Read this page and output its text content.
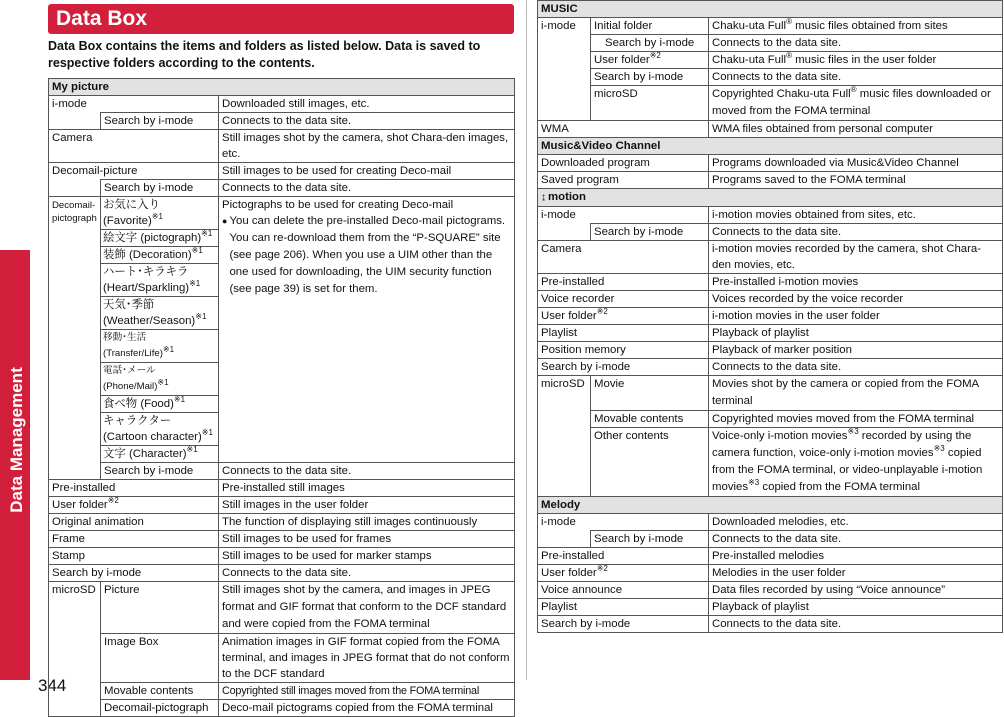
Data Management
344
Data Box
Data Box contains the items and folders as listed below. Data is saved to respective folders according to the contents.
My picture		
i-mode		Downloaded still images, etc.
	Search by i-mode	Connects to the data site.
Camera		Still images shot by the camera, shot Chara-den images, etc.
Decomail-picture		Still images to be used for creating Deco-mail
	Search by i-mode	Connects to the data site.
Decomail-pictograph	お気に入り (Favorite)$^{※1}$	Pictographs to be used for creating Deco-mail
● You can delete the pre-installed Deco-mail pictograms. You can re-download them from the “P-SQUARE” site (see page 206). When you use a UIM other than the one used for downloading, the UIM security function (see page 39) is set for them.

	絵文字 (pictograph)$^{※1}$
	装飾 (Decoration)$^{※1}$
	ハート･キラキラ (Heart/Sparkling)$^{※1}$
	天気･季節 (Weather/Season)$^{※1}$
	移動･生活 (Transfer/Life)$^{※1}$
	電話･メール (Phone/Mail)$^{※1}$
	食べ物 (Food)$^{※1}$
	キャラクター (Cartoon character)$^{※1}$
	文字 (Character)$^{※1}$
	Search by i-mode	Connects to the data site.
Pre-installed		Pre-installed still images
User folder$^{※2}$		Still images in the user folder
Original animation		The function of displaying still images continuously
Frame		Still images to be used for frames
Stamp		Still images to be used for marker stamps
Search by i-mode		Connects to the data site.
microSD	Picture	Still images shot by the camera, and images in JPEG format and GIF format that conform to the DCF standard and were copied from the FOMA terminal
	Image Box	Animation images in GIF format copied from the FOMA terminal, and images in JPEG format that do not conform to the DCF standard
	Movable contents	Copyrighted still images moved from the FOMA terminal
	Decomail-pictograph	Deco-mail pictograms copied from the FOMA terminal
MUSIC		
i-mode	Initial folder	Chaku-uta Full® music files obtained from sites
	Search by i-mode	Connects to the data site.
	User folder$^{※2}$	Chaku-uta Full® music files in the user folder
	Search by i-mode	Connects to the data site.
	microSD	Copyrighted Chaku-uta Full® music files downloaded or moved from the FOMA terminal
WMA		WMA files obtained from personal computer
Music&Video Channel		
Downloaded program		Programs downloaded via Music&Video Channel
Saved program		Programs saved to the FOMA terminal
↨ motion		
i-mode		i-motion movies obtained from sites, etc.
	Search by i-mode	Connects to the data site.
Camera		i-motion movies recorded by the camera, shot Chara-den movies, etc.
Pre-installed		Pre-installed i-motion movies
Voice recorder		Voices recorded by the voice recorder
User folder$^{※2}$		i-motion movies in the user folder
Playlist		Playback of playlist
Position memory		Playback of marker position
Search by i-mode		Connects to the data site.
microSD	Movie	Movies shot by the camera or copied from the FOMA terminal
	Movable contents	Copyrighted movies moved from the FOMA terminal
	Other contents	Voice-only i-motion movies$^{※3}$ recorded by using the camera function, voice-only i-motion movies$^{※3}$ copied from the FOMA terminal, or video-unplayable i-motion movies$^{※3}$ copied from the FOMA terminal
Melody		
i-mode		Downloaded melodies, etc.
	Search by i-mode	Connects to the data site.
Pre-installed		Pre-installed melodies
User folder$^{※2}$		Melodies in the user folder
Voice announce		Data files recorded by using “Voice announce”
Playlist		Playback of playlist
Search by i-mode		Connects to the data site.
